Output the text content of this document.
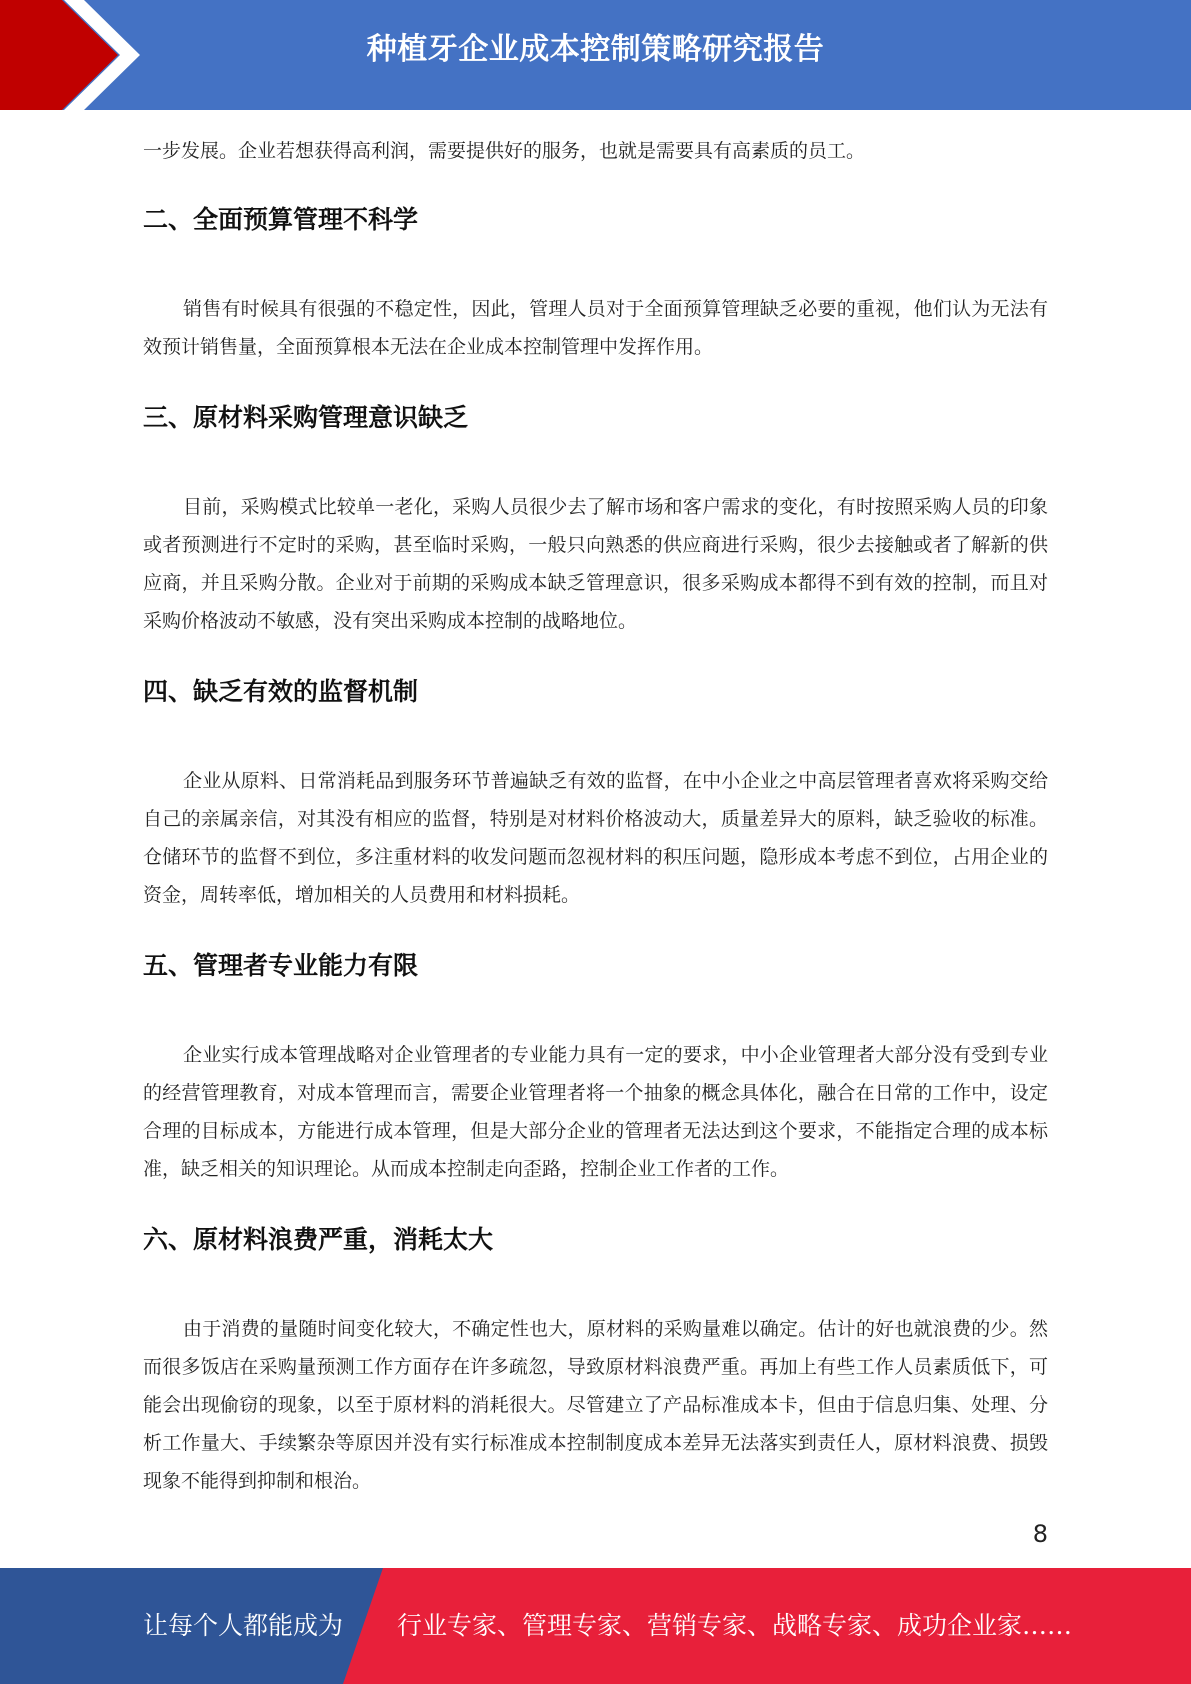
种植牙企业成本控制策略研究报告

一步发展。企业若想获得高利润，需要提供好的服务，也就是需要具有高素质的员工。

二、全面预算管理不科学

销售有时候具有很强的不稳定性，因此，管理人员对于全面预算管理缺乏必要的重视，他们认为无法有效预计销售量，全面预算根本无法在企业成本控制管理中发挥作用。

三、原材料采购管理意识缺乏

目前，采购模式比较单一老化，采购人员很少去了解市场和客户需求的变化，有时按照采购人员的印象或者预测进行不定时的采购，甚至临时采购，一般只向熟悉的供应商进行采购，很少去接触或者了解新的供应商，并且采购分散。企业对于前期的采购成本缺乏管理意识，很多采购成本都得不到有效的控制，而且对采购价格波动不敏感，没有突出采购成本控制的战略地位。

四、缺乏有效的监督机制

企业从原料、日常消耗品到服务环节普遍缺乏有效的监督，在中小企业之中高层管理者喜欢将采购交给自己的亲属亲信，对其没有相应的监督，特别是对材料价格波动大，质量差异大的原料，缺乏验收的标准。仓储环节的监督不到位，多注重材料的收发问题而忽视材料的积压问题，隐形成本考虑不到位，占用企业的资金，周转率低，增加相关的人员费用和材料损耗。

五、管理者专业能力有限

企业实行成本管理战略对企业管理者的专业能力具有一定的要求，中小企业管理者大部分没有受到专业的经营管理教育，对成本管理而言，需要企业管理者将一个抽象的概念具体化，融合在日常的工作中，设定合理的目标成本，方能进行成本管理，但是大部分企业的管理者无法达到这个要求，不能指定合理的成本标准，缺乏相关的知识理论。从而成本控制走向歪路，控制企业工作者的工作。

六、原材料浪费严重，消耗太大

由于消费的量随时间变化较大，不确定性也大，原材料的采购量难以确定。估计的好也就浪费的少。然而很多饭店在采购量预测工作方面存在许多疏忽，导致原材料浪费严重。再加上有些工作人员素质低下，可能会出现偷窃的现象，以至于原材料的消耗很大。尽管建立了产品标准成本卡，但由于信息归集、处理、分析工作量大、手续繁杂等原因并没有实行标准成本控制制度成本差异无法落实到责任人，原材料浪费、损毁现象不能得到抑制和根治。

8
让每个人都能成为 行业专家、管理专家、营销专家、战略专家、成功企业家……
